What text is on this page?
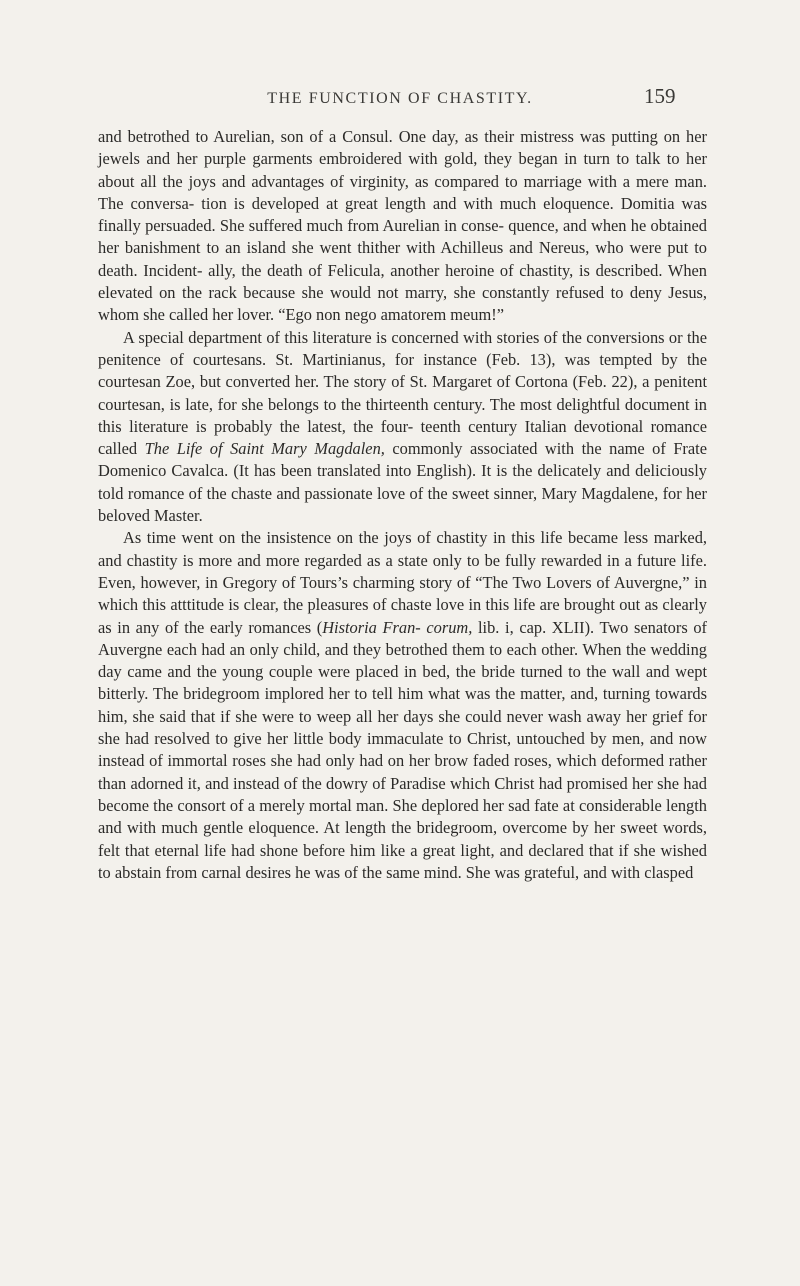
THE FUNCTION OF CHASTITY.	159

and betrothed to Aurelian, son of a Consul. One day, as their mistress was putting on her jewels and her purple garments embroidered with gold, they began in turn to talk to her about all the joys and advantages of virginity, as compared to marriage with a mere man. The conversa- tion is developed at great length and with much eloquence. Domitia was finally persuaded. She suffered much from Aurelian in conse- quence, and when he obtained her banishment to an island she went thither with Achilleus and Nereus, who were put to death. Incident- ally, the death of Felicula, another heroine of chastity, is described. When elevated on the rack because she would not marry, she constantly refused to deny Jesus, whom she called her lover. “Ego non nego amatorem meum!”

A special department of this literature is concerned with stories of the conversions or the penitence of courtesans. St. Martinianus, for instance (Feb. 13), was tempted by the courtesan Zoe, but converted her. The story of St. Margaret of Cortona (Feb. 22), a penitent courtesan, is late, for she belongs to the thirteenth century. The most delightful document in this literature is probably the latest, the four- teenth century Italian devotional romance called The Life of Saint Mary Magdalen, commonly associated with the name of Frate Domenico Cavalca. (It has been translated into English). It is the delicately and deliciously told romance of the chaste and passionate love of the sweet sinner, Mary Magdalene, for her beloved Master.

As time went on the insistence on the joys of chastity in this life became less marked, and chastity is more and more regarded as a state only to be fully rewarded in a future life. Even, however, in Gregory of Tours’s charming story of “The Two Lovers of Auvergne,” in which this atttitude is clear, the pleasures of chaste love in this life are brought out as clearly as in any of the early romances (Historia Fran- corum, lib. i, cap. XLII). Two senators of Auvergne each had an only child, and they betrothed them to each other. When the wedding day came and the young couple were placed in bed, the bride turned to the wall and wept bitterly. The bridegroom implored her to tell him what was the matter, and, turning towards him, she said that if she were to weep all her days she could never wash away her grief for she had resolved to give her little body immaculate to Christ, untouched by men, and now instead of immortal roses she had only had on her brow faded roses, which deformed rather than adorned it, and instead of the dowry of Paradise which Christ had promised her she had become the consort of a merely mortal man. She deplored her sad fate at considerable length and with much gentle eloquence. At length the bridegroom, overcome by her sweet words, felt that eternal life had shone before him like a great light, and declared that if she wished to abstain from carnal desires he was of the same mind. She was grateful, and with clasped
